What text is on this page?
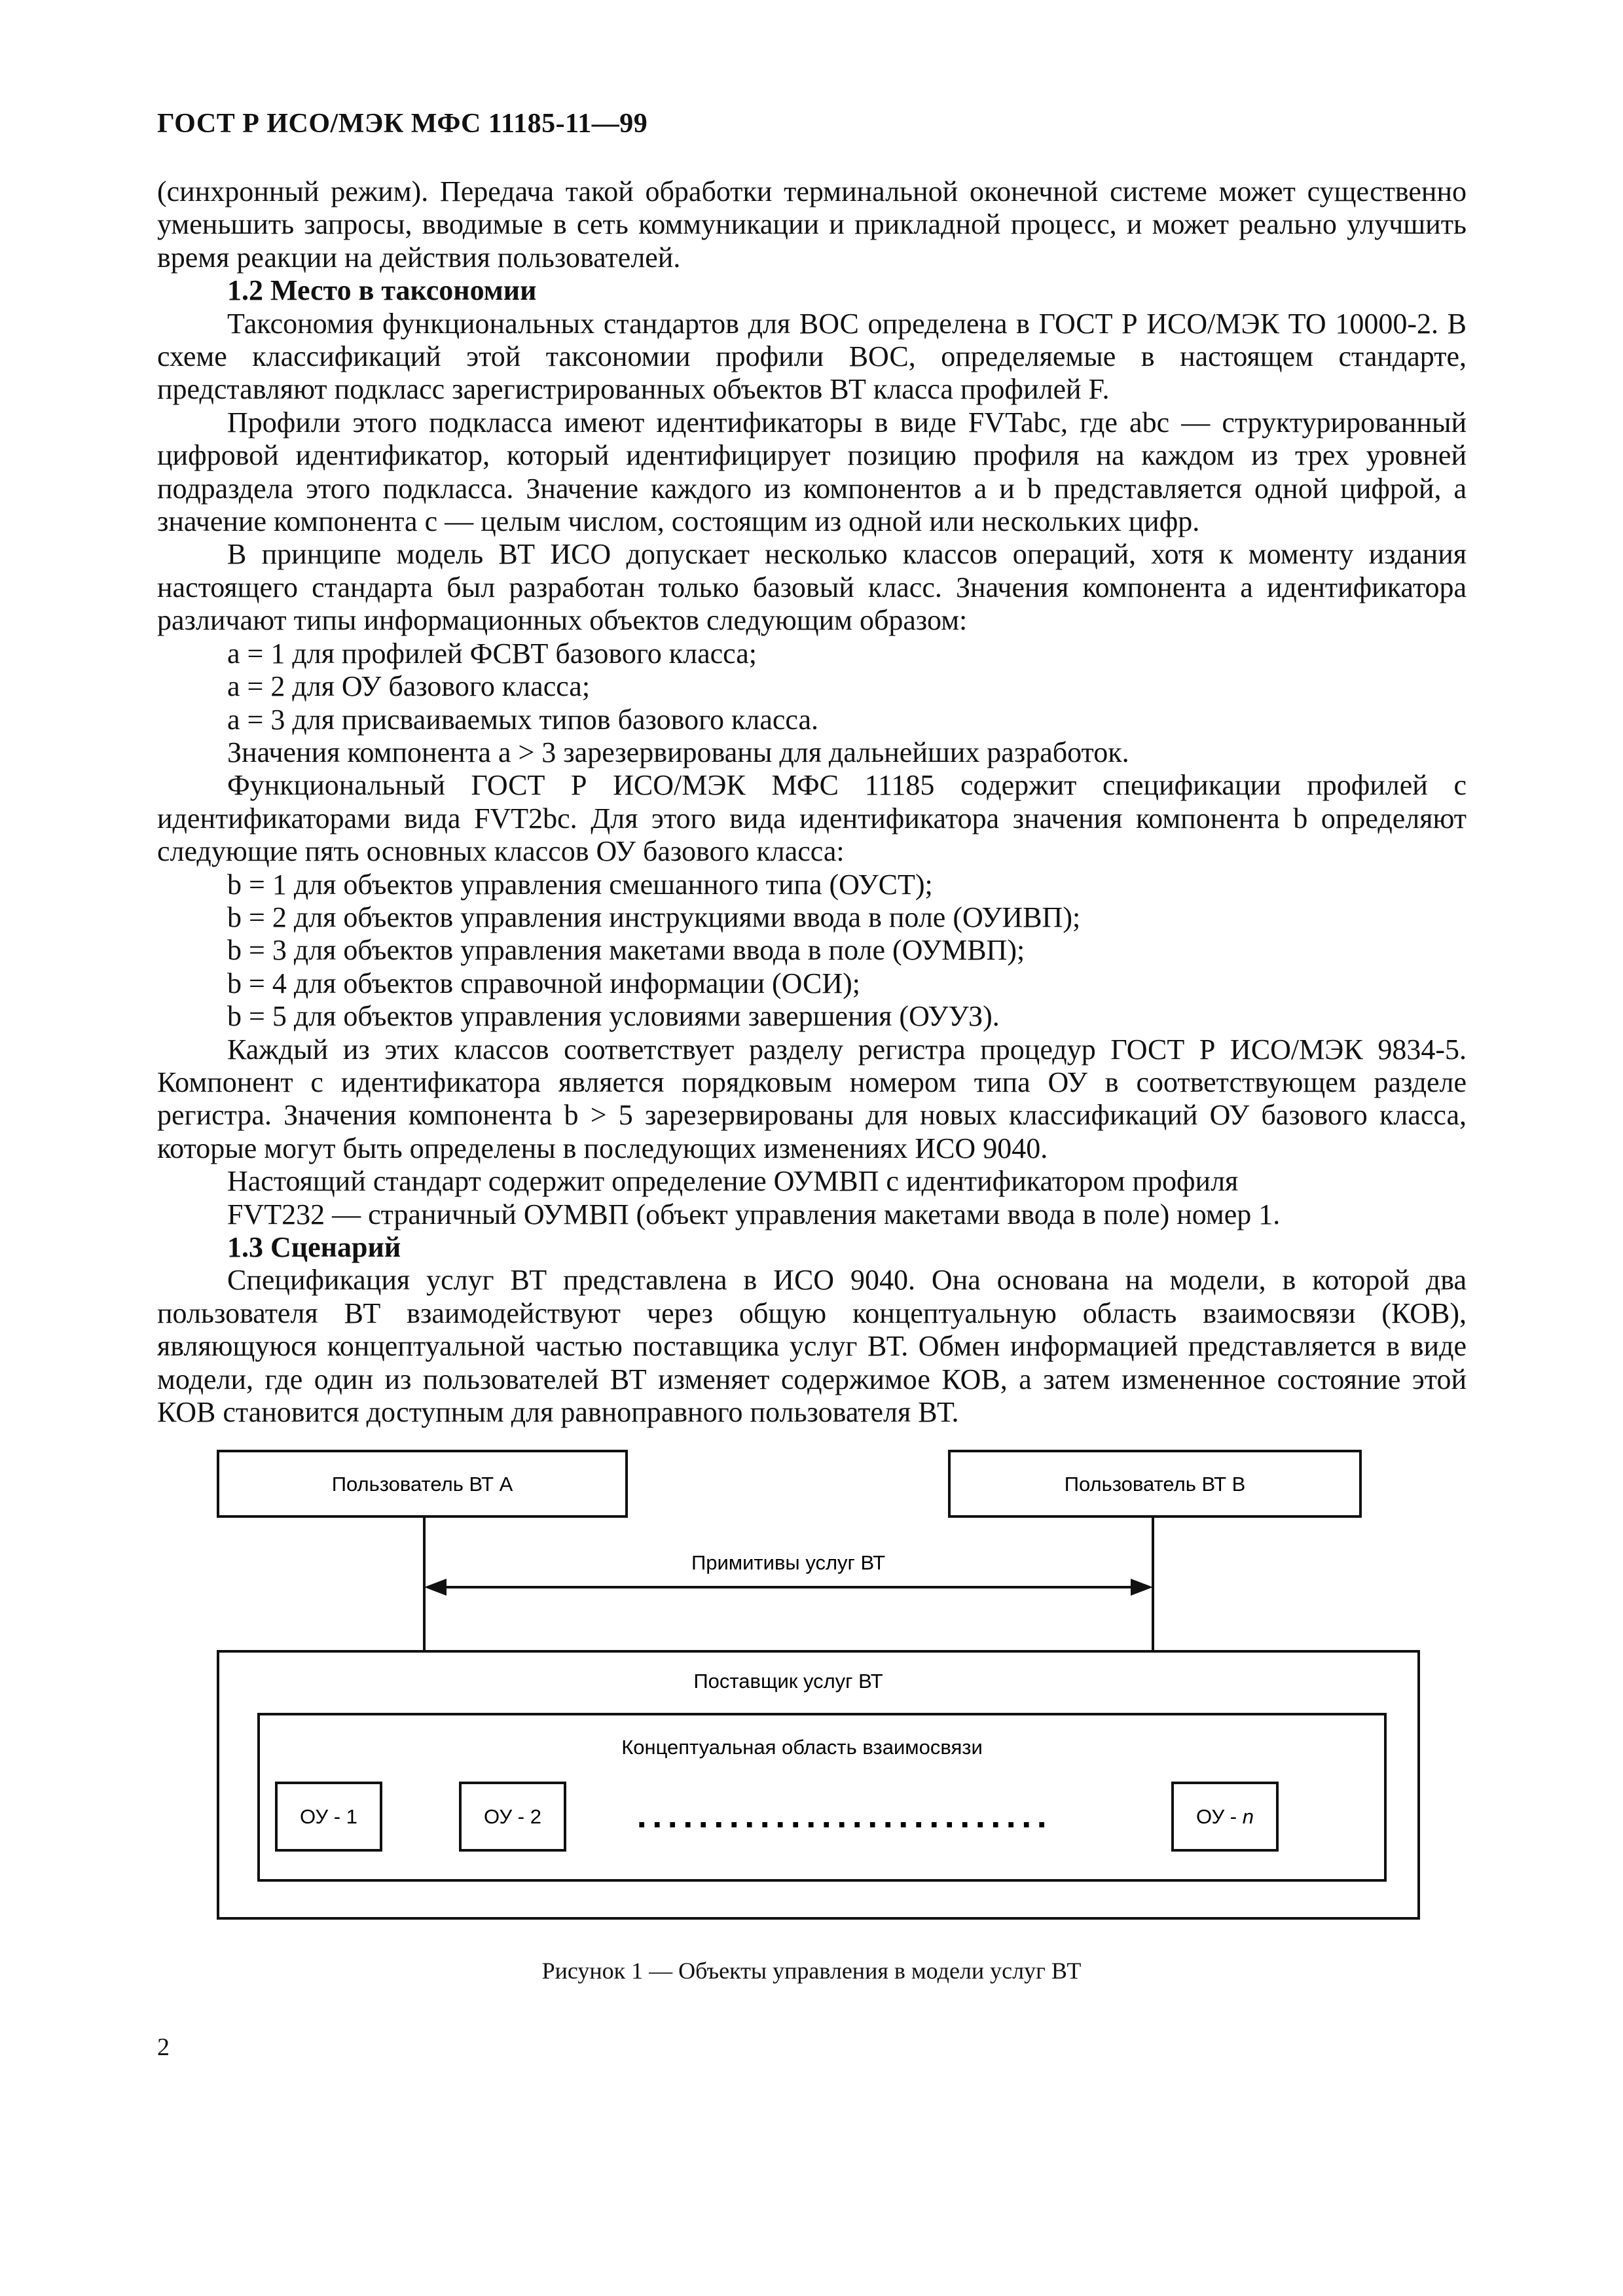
ГОСТ Р ИСО/МЭК МФС 11185-11—99

(синхронный режим). Передача такой обработки терминальной оконечной системе может существенно уменьшить запросы, вводимые в сеть коммуникации и прикладной процесс, и может реально улучшить время реакции на действия пользователей.

1.2 Место в таксономии

Таксономия функциональных стандартов для ВОС определена в ГОСТ Р ИСО/МЭК ТО 10000-2. В схеме классификаций этой таксономии профили ВОС, определяемые в настоящем стандарте, представляют подкласс зарегистрированных объектов ВТ класса профилей F.

Профили этого подкласса имеют идентификаторы в виде FVTabc, где abc — структурированный цифровой идентификатор, который идентифицирует позицию профиля на каждом из трех уровней подраздела этого подкласса. Значение каждого из компонентов a и b представляется одной цифрой, а значение компонента c — целым числом, состоящим из одной или нескольких цифр.

В принципе модель ВТ ИСО допускает несколько классов операций, хотя к моменту издания настоящего стандарта был разработан только базовый класс. Значения компонента a идентификатора различают типы информационных объектов следующим образом:

a = 1 для профилей ФСВТ базового класса;

a = 2 для ОУ базового класса;

a = 3 для присваиваемых типов базового класса.

Значения компонента a > 3 зарезервированы для дальнейших разработок.

Функциональный ГОСТ Р ИСО/МЭК МФС 11185 содержит спецификации профилей с идентификаторами вида FVT2bc. Для этого вида идентификатора значения компонента b определяют следующие пять основных классов ОУ базового класса:

b = 1 для объектов управления смешанного типа (ОУСТ);

b = 2 для объектов управления инструкциями ввода в поле (ОУИВП);

b = 3 для объектов управления макетами ввода в поле (ОУМВП);

b = 4 для объектов справочной информации (ОСИ);

b = 5 для объектов управления условиями завершения (ОУУЗ).

Каждый из этих классов соответствует разделу регистра процедур ГОСТ Р ИСО/МЭК 9834-5. Компонент c идентификатора является порядковым номером типа ОУ в соответствующем разделе регистра. Значения компонента b > 5 зарезервированы для новых классификаций ОУ базового класса, которые могут быть определены в последующих изменениях ИСО 9040.

Настоящий стандарт содержит определение ОУМВП с идентификатором профиля

FVT232 — страничный ОУМВП (объект управления макетами ввода в поле) номер 1.

1.3 Сценарий

Спецификация услуг ВТ представлена в ИСО 9040. Она основана на модели, в которой два пользователя ВТ взаимодействуют через общую концептуальную область взаимосвязи (КОВ), являющуюся концептуальной частью поставщика услуг ВТ. Обмен информацией представляется в виде модели, где один из пользователей ВТ изменяет содержимое КОВ, а затем измененное состояние этой КОВ становится доступным для равноправного пользователя ВТ.

Пользователь ВТ A	Пользователь ВТ B
Примитивы услуг ВТ
Поставщик услуг ВТ
Концептуальная область взаимосвязи
ОУ - 1	ОУ - 2	ОУ - n
...........................
Рисунок 1 — Объекты управления в модели услуг ВТ
2
